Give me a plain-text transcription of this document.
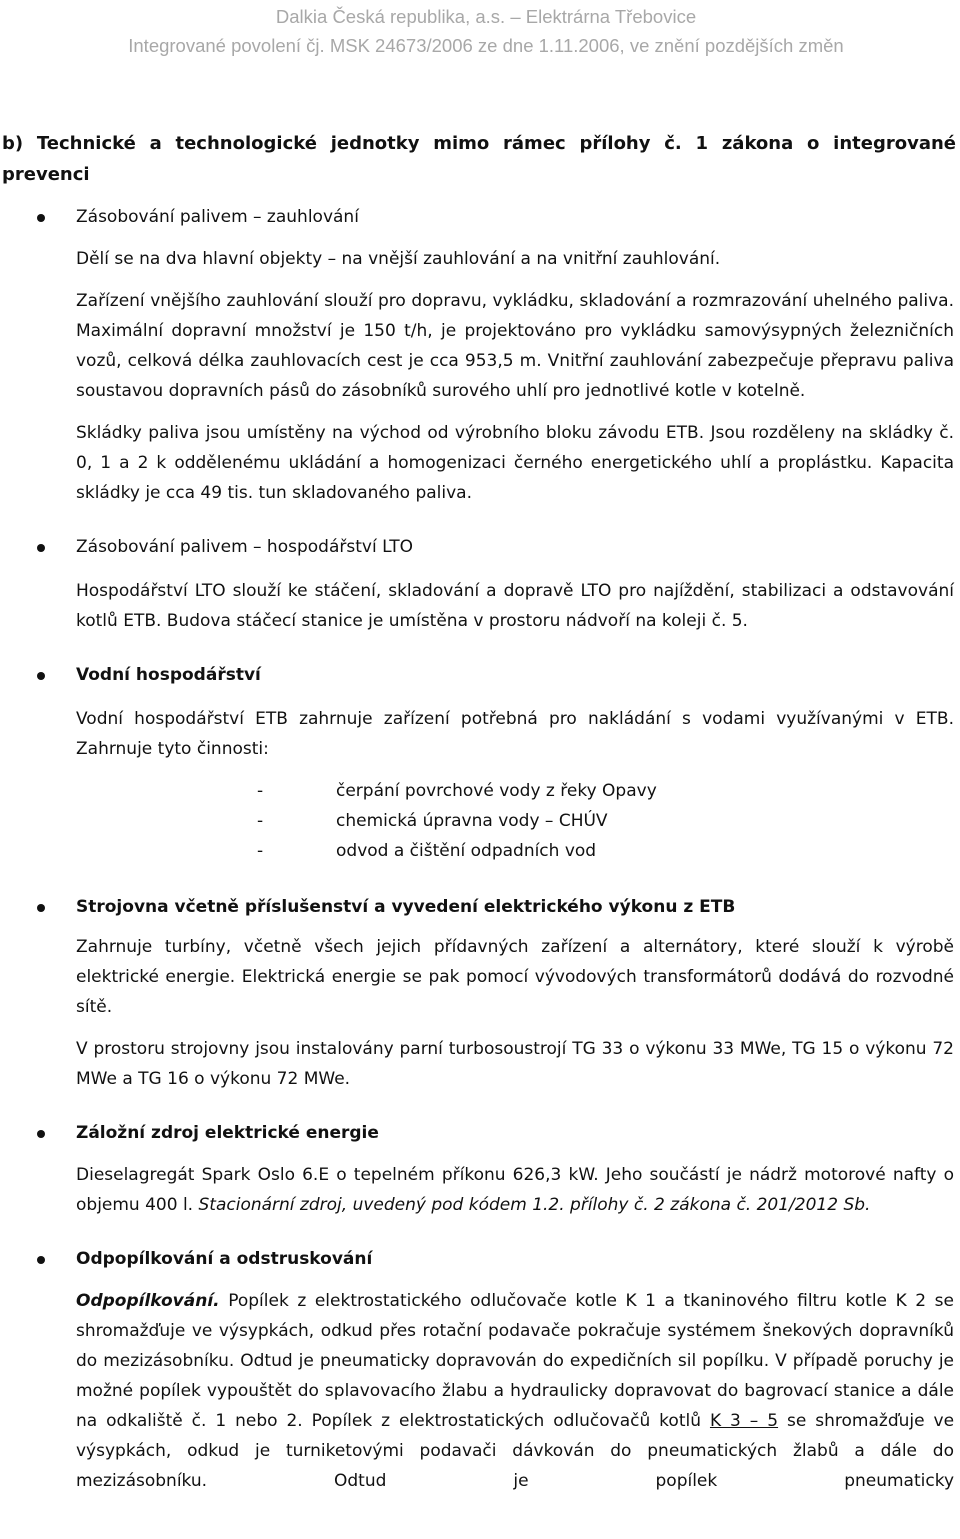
Dalkia Česká republika, a.s. – Elektrárna Třebovice
Integrované povolení čj. MSK 24673/2006 ze dne 1.11.2006, ve znění pozdějších změn
b) Technické a technologické jednotky mimo rámec přílohy č. 1 zákona o integrované prevenci
Zásobování palivem – zauhlování

Dělí se na dva hlavní objekty – na vnější zauhlování a na vnitřní zauhlování.

Zařízení vnějšího zauhlování slouží pro dopravu, vykládku, skladování a rozmrazování uhelného paliva. Maximální dopravní množství je 150 t/h, je projektováno pro vykládku samovýsypných železničních vozů, celková délka zauhlovacích cest je cca 953,5 m. Vnitřní zauhlování zabezpečuje přepravu paliva soustavou dopravních pásů do zásobníků surového uhlí pro jednotlivé kotle v kotelně.

Skládky paliva jsou umístěny na východ od výrobního bloku závodu ETB. Jsou rozděleny na skládky č. 0, 1 a 2 k oddělenému ukládání a homogenizaci černého energetického uhlí a proplástku. Kapacita skládky je cca 49 tis. tun skladovaného paliva.

Zásobování palivem – hospodářství LTO

Hospodářství LTO slouží ke stáčení, skladování a dopravě LTO pro najíždění, stabilizaci a odstavování kotlů ETB. Budova stáčecí stanice je umístěna v prostoru nádvoří na koleji č. 5.

Vodní hospodářství

Vodní hospodářství ETB zahrnuje zařízení potřebná pro nakládání s vodami využívanými v ETB. Zahrnuje tyto činnosti:

-	čerpání povrchové vody z řeky Opavy
-	chemická úpravna vody – CHÚV
-	odvod a čištění odpadních vod
Strojovna včetně příslušenství a vyvedení elektrického výkonu z ETB

Zahrnuje turbíny, včetně všech jejich přídavných zařízení a alternátory, které slouží k výrobě elektrické energie. Elektrická energie se pak pomocí vývodových transformátorů dodává do rozvodné sítě.

V prostoru strojovny jsou instalovány parní turbosoustrojí TG 33 o výkonu 33 MWe, TG 15 o výkonu 72 MWe a TG 16 o výkonu 72 MWe.

Záložní zdroj elektrické energie

Dieselagregát Spark Oslo 6.E o tepelném příkonu 626,3 kW. Jeho součástí je nádrž motorové nafty o objemu 400 l. Stacionární zdroj, uvedený pod kódem 1.2. přílohy č. 2 zákona č. 201/2012 Sb.

Odpopílkování a odstruskování

Odpopílkování. Popílek z elektrostatického odlučovače kotle K 1 a tkaninového filtru kotle K 2 se shromažďuje ve výsypkách, odkud přes rotační podavače pokračuje systémem šnekových dopravníků do mezizásobníku. Odtud je pneumaticky dopravován do expedičních sil popílku. V případě poruchy je možné popílek vypouštět do splavovacího žlabu a hydraulicky dopravovat do bagrovací stanice a dále na odkaliště č. 1 nebo 2. Popílek z elektrostatických odlučovačů kotlů K 3 – 5 se shromažďuje ve výsypkách, odkud je turniketovými podavači dávkován do pneumatických žlabů a dále do mezizásobníku. Odtud je popílek pneumaticky
